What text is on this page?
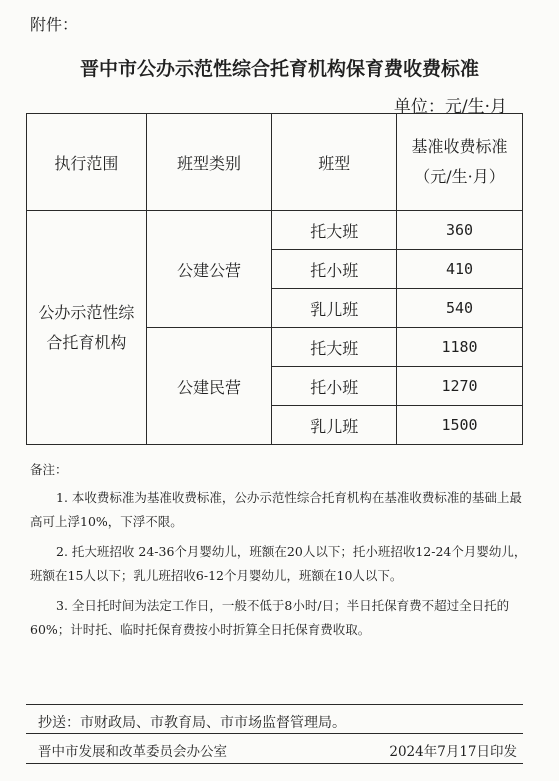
附件：
晋中市公办示范性综合托育机构保育费收费标准
单位：元/生·月
执行范围	班型类别	班型	基准收费标准
（元/生·月）

公办示范性综
合托育机构	公建公营	托大班	360
		托小班	410
		乳儿班	540
	公建民营	托大班	1180
		托小班	1270
		乳儿班	1500

备注：

1. 本收费标准为基准收费标准，公办示范性综合托育机构在基准收费标准的基础上最高可上浮10%，下浮不限。

2. 托大班招收 24-36个月婴幼儿，班额在20人以下；托小班招收12-24个月婴幼儿，班额在15人以下；乳儿班招收6-12个月婴幼儿，班额在10人以下。

3. 全日托时间为法定工作日，一般不低于8小时/日；半日托保育费不超过全日托的60%；计时托、临时托保育费按小时折算全日托保育费收取。

抄送：市财政局、市教育局、市市场监督管理局。
晋中市发展和改革委员会办公室	2024年7月17日印发
